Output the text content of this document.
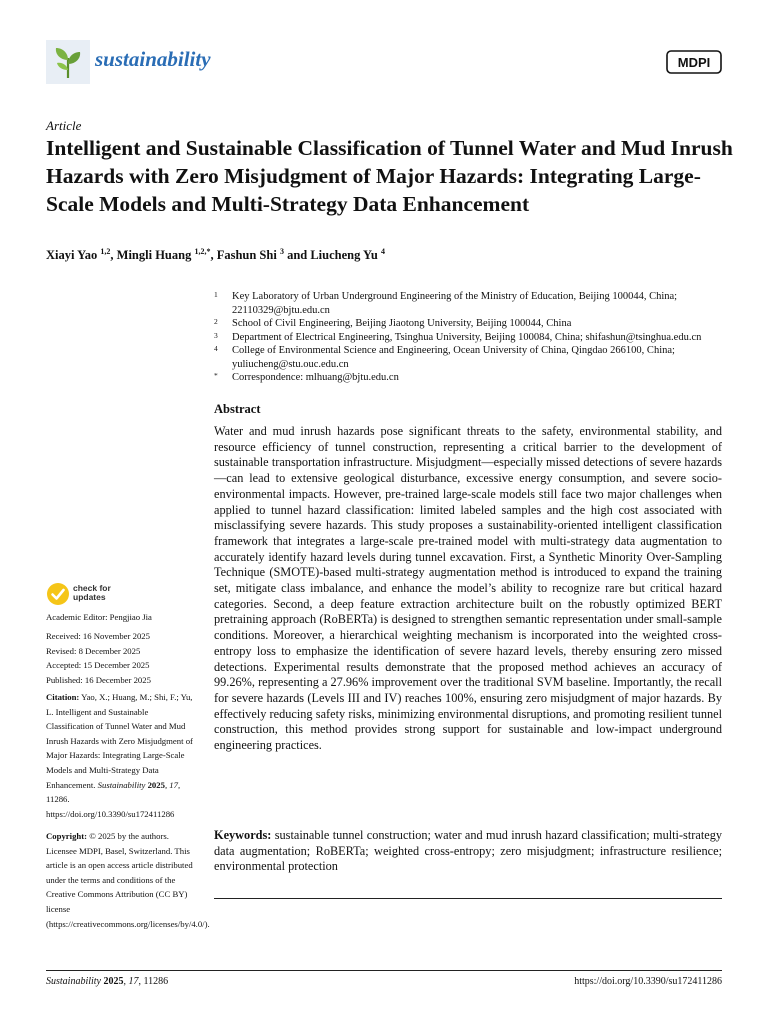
sustainability	MDPI
Article
Intelligent and Sustainable Classification of Tunnel Water and Mud Inrush Hazards with Zero Misjudgment of Major Hazards: Integrating Large-Scale Models and Multi-Strategy Data Enhancement
Xiayi Yao $^{1,2}$, Mingli Huang $^{1,2,*}$, Fashun Shi $^3$ and Liucheng Yu $^4$
1 Key Laboratory of Urban Underground Engineering of the Ministry of Education, Beijing 100044, China; 22110329@bjtu.edu.cn
2 School of Civil Engineering, Beijing Jiaotong University, Beijing 100044, China
3 Department of Electrical Engineering, Tsinghua University, Beijing 100084, China; shifashun@tsinghua.edu.cn
4 College of Environmental Science and Engineering, Ocean University of China, Qingdao 266100, China; yuliucheng@stu.ouc.edu.cn
* Correspondence: mlhuang@bjtu.edu.cn
Abstract

Water and mud inrush hazards pose significant threats to the safety, environmental stability, and resource efficiency of tunnel construction, representing a critical barrier to the development of sustainable transportation infrastructure. Misjudgment—especially missed detections of severe hazards—can lead to extensive geological disturbance, excessive energy consumption, and severe socio-environmental impacts. However, pre-trained large-scale models still face two major challenges when applied to tunnel hazard classification: limited labeled samples and the high cost associated with misclassifying severe hazards. This study proposes a sustainability-oriented intelligent classification framework that integrates a large-scale pre-trained model with multi-strategy data augmentation to accurately identify hazard levels during tunnel excavation. First, a Synthetic Minority Over-Sampling Technique (SMOTE)-based multi-strategy augmentation method is introduced to expand the training set, mitigate class imbalance, and enhance the model’s ability to recognize rare but critical hazard categories. Second, a deep feature extraction architecture built on the robustly optimized BERT pretraining approach (RoBERTa) is designed to strengthen semantic representation under small-sample conditions. Moreover, a hierarchical weighting mechanism is incorporated into the weighted cross-entropy loss to emphasize the identification of severe hazard levels, thereby ensuring zero missed detections. Experimental results demonstrate that the proposed method achieves an accuracy of 99.26%, representing a 27.96% improvement over the traditional SVM baseline. Importantly, the recall for severe hazards (Levels III and IV) reaches 100%, ensuring zero misjudgment of major hazards. By effectively reducing safety risks, minimizing environmental disruptions, and promoting resilient tunnel construction, this method provides strong support for sustainable and low-impact underground engineering practices.

Keywords: sustainable tunnel construction; water and mud inrush hazard classification; multi-strategy data augmentation; RoBERTa; weighted cross-entropy; zero misjudgment; infrastructure resilience; environmental protection

check for
updates

Academic Editor: Pengjiao Jia

Received: 16 November 2025
Revised: 8 December 2025
Accepted: 15 December 2025
Published: 16 December 2025

Citation: Yao, X.; Huang, M.; Shi, F.; Yu, L. Intelligent and Sustainable Classification of Tunnel Water and Mud Inrush Hazards with Zero Misjudgment of Major Hazards: Integrating Large-Scale Models and Multi-Strategy Data Enhancement. Sustainability 2025, 17, 11286. https://doi.org/10.3390/su172411286

Copyright: © 2025 by the authors. Licensee MDPI, Basel, Switzerland. This article is an open access article distributed under the terms and conditions of the Creative Commons Attribution (CC BY) license (https://creativecommons.org/licenses/by/4.0/).

Sustainability 2025, 17, 11286	https://doi.org/10.3390/su172411286
